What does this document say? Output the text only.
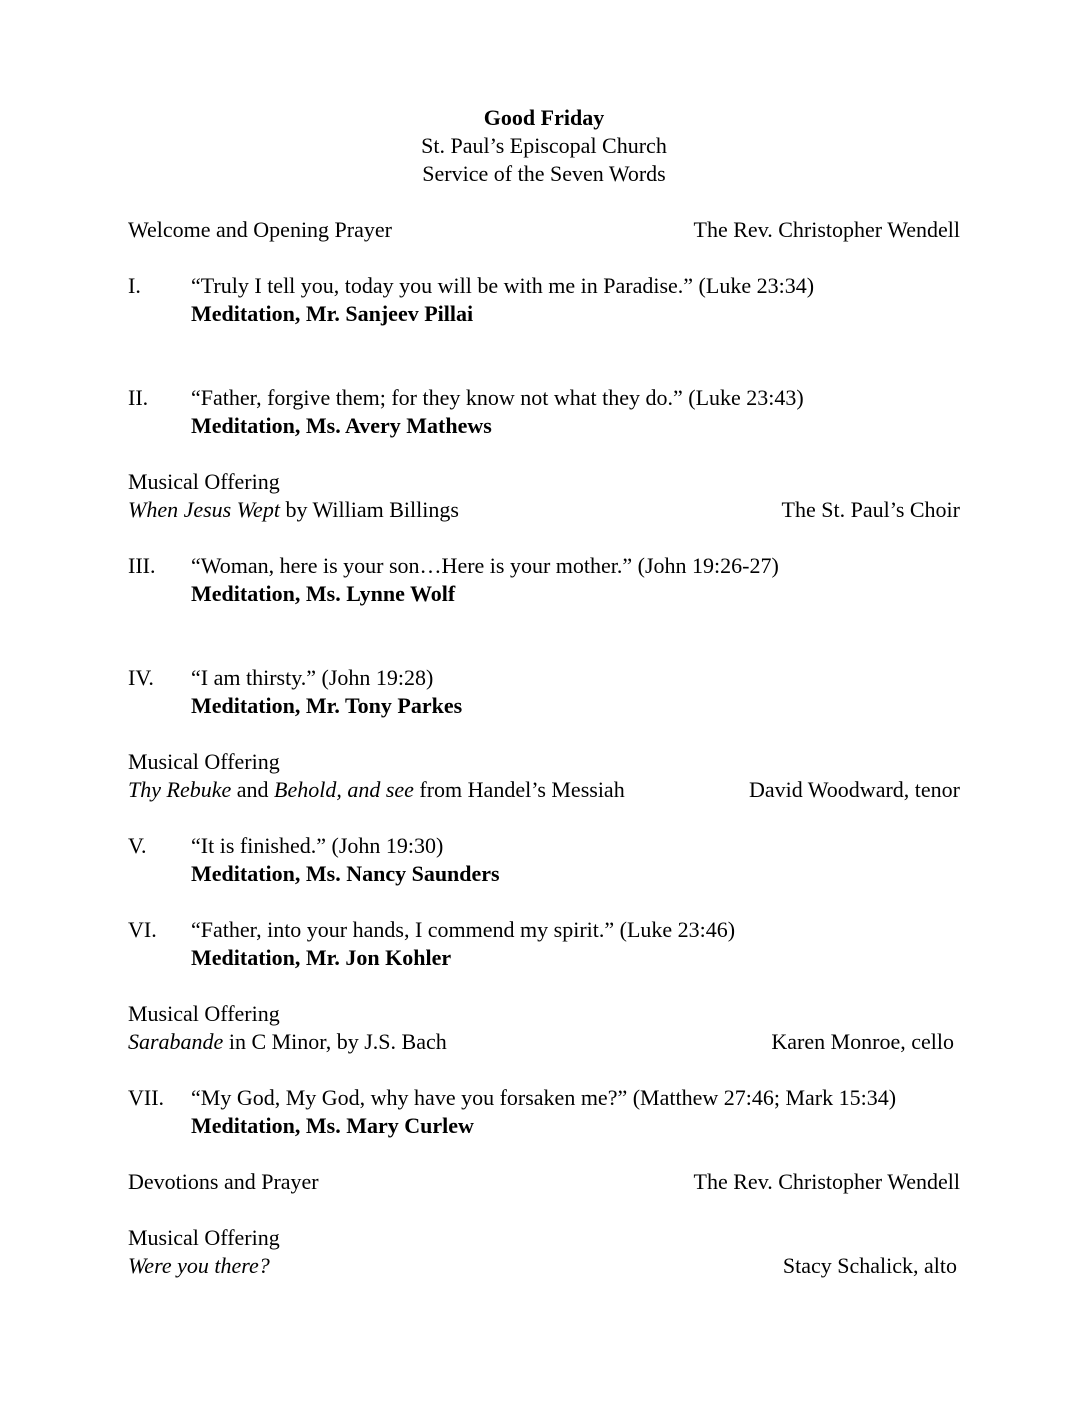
Good Friday
St. Paul’s Episcopal Church
Service of the Seven Words
Welcome and Opening Prayer	The Rev. Christopher Wendell
I. “Truly I tell you, today you will be with me in Paradise.” (Luke 23:34)
Meditation, Mr. Sanjeev Pillai
II. “Father, forgive them; for they know not what they do.” (Luke 23:43)
Meditation, Ms. Avery Mathews
Musical Offering
When Jesus Wept by William Billings	The St. Paul’s Choir
III. “Woman, here is your son…Here is your mother.” (John 19:26-27)
Meditation, Ms. Lynne Wolf
IV. “I am thirsty.” (John 19:28)
Meditation, Mr. Tony Parkes
Musical Offering
Thy Rebuke and Behold, and see from Handel’s Messiah	David Woodward, tenor
V. “It is finished.” (John 19:30)
Meditation, Ms. Nancy Saunders
VI. “Father, into your hands, I commend my spirit.” (Luke 23:46)
Meditation, Mr. Jon Kohler
Musical Offering
Sarabande in C Minor, by J.S. Bach	Karen Monroe, cello
VII. “My God, My God, why have you forsaken me?” (Matthew 27:46; Mark 15:34)
Meditation, Ms. Mary Curlew
Devotions and Prayer	The Rev. Christopher Wendell
Musical Offering
Were you there?	Stacy Schalick, alto
